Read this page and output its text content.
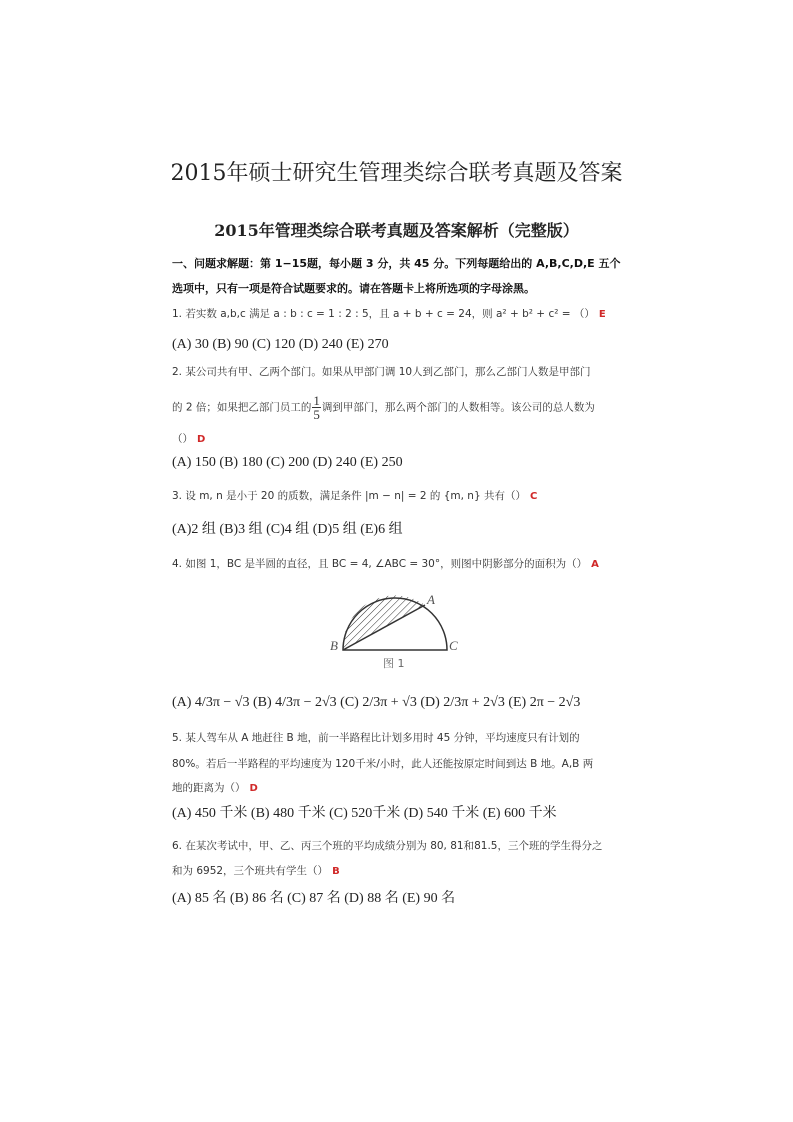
2015年硕士研究生管理类综合联考真题及答案
2015年管理类综合联考真题及答案解析（完整版）
一、问题求解题：第 1−15题，每小题 3 分，共 45 分。下列每题给出的 A,B,C,D,E 五个
选项中，只有一项是符合试题要求的。请在答题卡上将所选项的字母涂黑。
1. 若实数 a,b,c 满足 a : b : c = 1 : 2 : 5，且 a + b + c = 24，则 a² + b² + c² = （） E
(A) 30 (B) 90 (C) 120 (D) 240 (E) 270
2. 某公司共有甲、乙两个部门。如果从甲部门调 10人到乙部门，那么乙部门人数是甲部门
的 2 倍；如果把乙部门员工的 $\frac{1}{5}$ 调到甲部门，那么两个部门的人数相等。该公司的总人数为
（） D
(A) 150 (B) 180 (C) 200 (D) 240 (E) 250
3. 设 m, n 是小于 20 的质数，满足条件 |m − n| = 2 的 {m, n} 共有（） C
(A)2 组 (B)3 组 (C)4 组 (D)5 组 (E)6 组
4. 如图 1，BC 是半圆的直径，且 BC = 4, ∠ABC = 30°，则图中阴影部分的面积为（） A
A
B	C
图 1
(A) 4/3π − √3 (B) 4/3π − 2√3 (C) 2/3π + √3 (D) 2/3π + 2√3 (E) 2π − 2√3
5. 某人驾车从 A 地赶往 B 地，前一半路程比计划多用时 45 分钟，平均速度只有计划的
80%。若后一半路程的平均速度为 120千米/小时，此人还能按原定时间到达 B 地。A,B 两
地的距离为（） D
(A) 450 千米 (B) 480 千米 (C) 520千米 (D) 540 千米 (E) 600 千米
6. 在某次考试中，甲、乙、丙三个班的平均成绩分别为 80, 81和81.5，三个班的学生得分之
和为 6952，三个班共有学生（） B
(A) 85 名 (B) 86 名 (C) 87 名 (D) 88 名 (E) 90 名
